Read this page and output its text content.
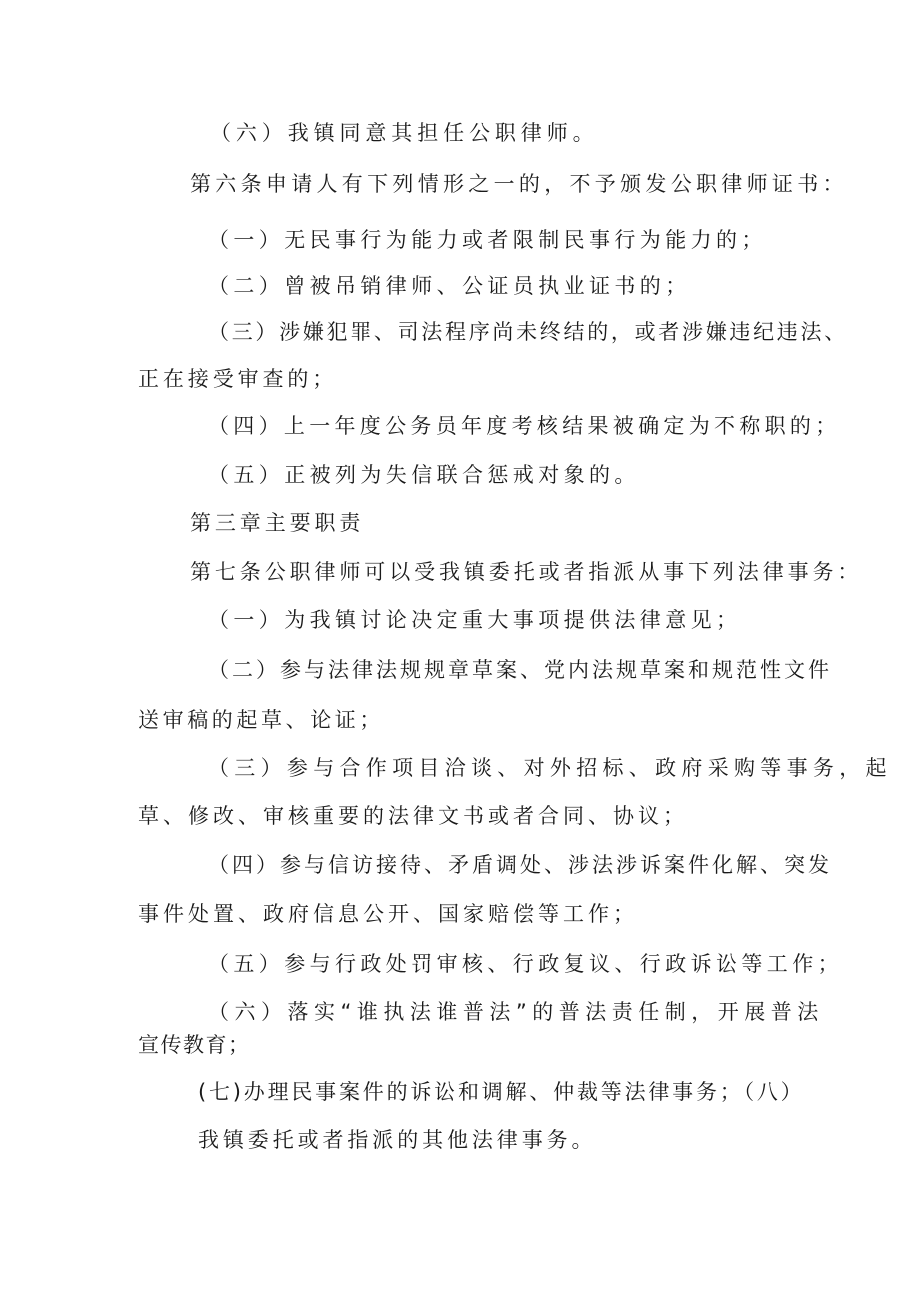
（六）我镇同意其担任公职律师。

第六条申请人有下列情形之一的，不予颁发公职律师证书：

（一）无民事行为能力或者限制民事行为能力的；

（二）曾被吊销律师、公证员执业证书的；

（三）涉嫌犯罪、司法程序尚未终结的，或者涉嫌违纪违法、

正在接受审查的；

（四）上一年度公务员年度考核结果被确定为不称职的；

（五）正被列为失信联合惩戒对象的。

第三章主要职责

第七条公职律师可以受我镇委托或者指派从事下列法律事务：

（一）为我镇讨论决定重大事项提供法律意见；

（二）参与法律法规规章草案、党内法规草案和规范性文件

送审稿的起草、论证；

（三）参与合作项目洽谈、对外招标、政府采购等事务，起

草、修改、审核重要的法律文书或者合同、协议；

（四）参与信访接待、矛盾调处、涉法涉诉案件化解、突发

事件处置、政府信息公开、国家赔偿等工作；

（五）参与行政处罚审核、行政复议、行政诉讼等工作；

（六）落实“谁执法谁普法”的普法责任制，开展普法

宣传教育；

(七)办理民事案件的诉讼和调解、仲裁等法律事务；（八）

我镇委托或者指派的其他法律事务。
